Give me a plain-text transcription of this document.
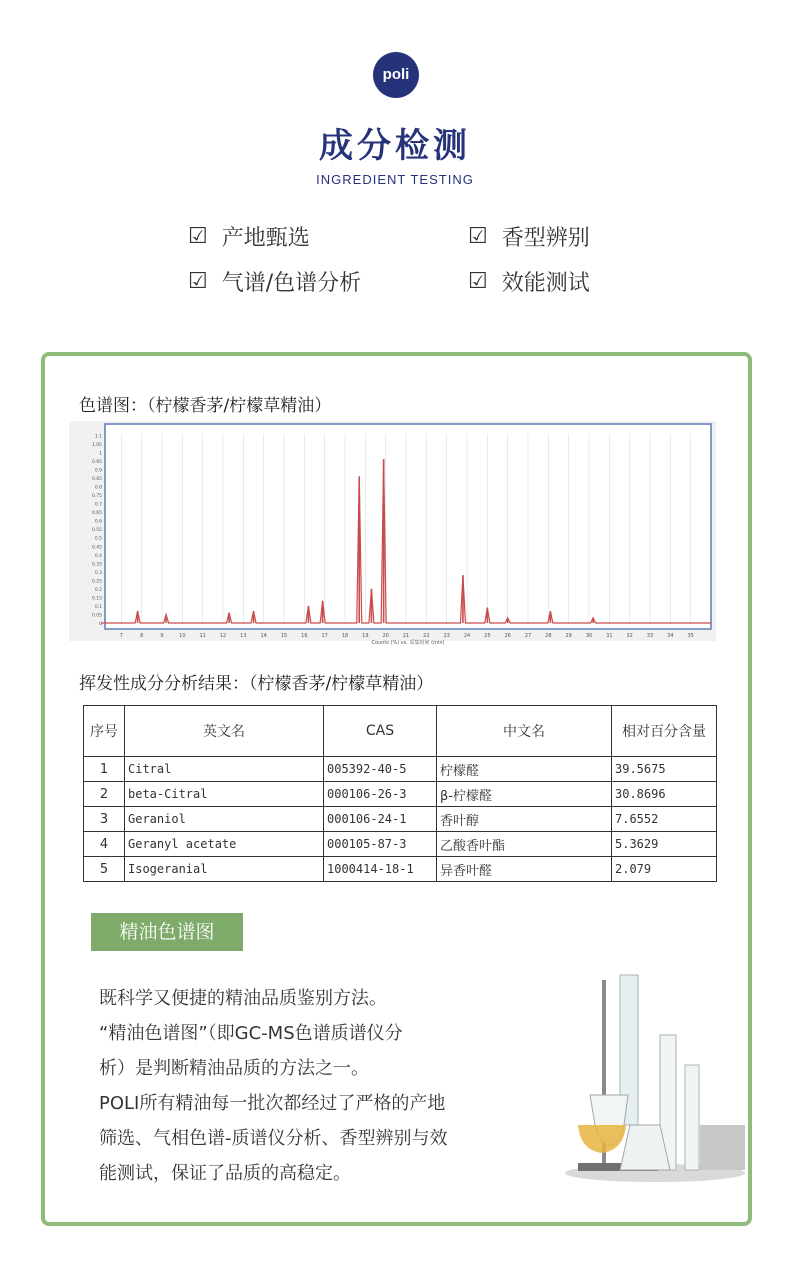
poli
成分检测
INGREDIENT TESTING
☑ 产地甄选	☑ 香型辨别
☑ 气谱/色谱分析	☑ 效能测试
色谱图：（柠檬香茅/柠檬草精油）
7	8	9	10	11	12	13	14	15	16	17	18	19	20	21	22	23	24	25	26	27	28	29	30	31	32	33	34	35
0
0.05
0.1
0.15
0.2
0.25
0.3
0.35
0.4
0.45
0.5
0.55
0.6
0.65
0.7
0.75
0.8
0.85
0.9
0.95
1
1.05
1.1
Counts (%) vs. 采集时间 (min)
挥发性成分分析结果：（柠檬香茅/柠檬草精油）
序号	英文名	CAS	中文名	相对百分含量
1	Citral	005392-40-5	柠檬醛	39.5675
2	beta-Citral	000106-26-3	β-柠檬醛	30.8696
3	Geraniol	000106-24-1	香叶醇	7.6552
4	Geranyl acetate	000105-87-3	乙酸香叶酯	5.3629
5	Isogeranial	1000414-18-1	异香叶醛	2.079
精油色谱图
既科学又便捷的精油品质鉴别方法。
“精油色谱图”（即GC-MS色谱质谱仪分
析）是判断精油品质的方法之一。
POLI所有精油每一批次都经过了严格的产地
筛选、气相色谱-质谱仪分析、香型辨别与效
能测试，保证了品质的高稳定。
